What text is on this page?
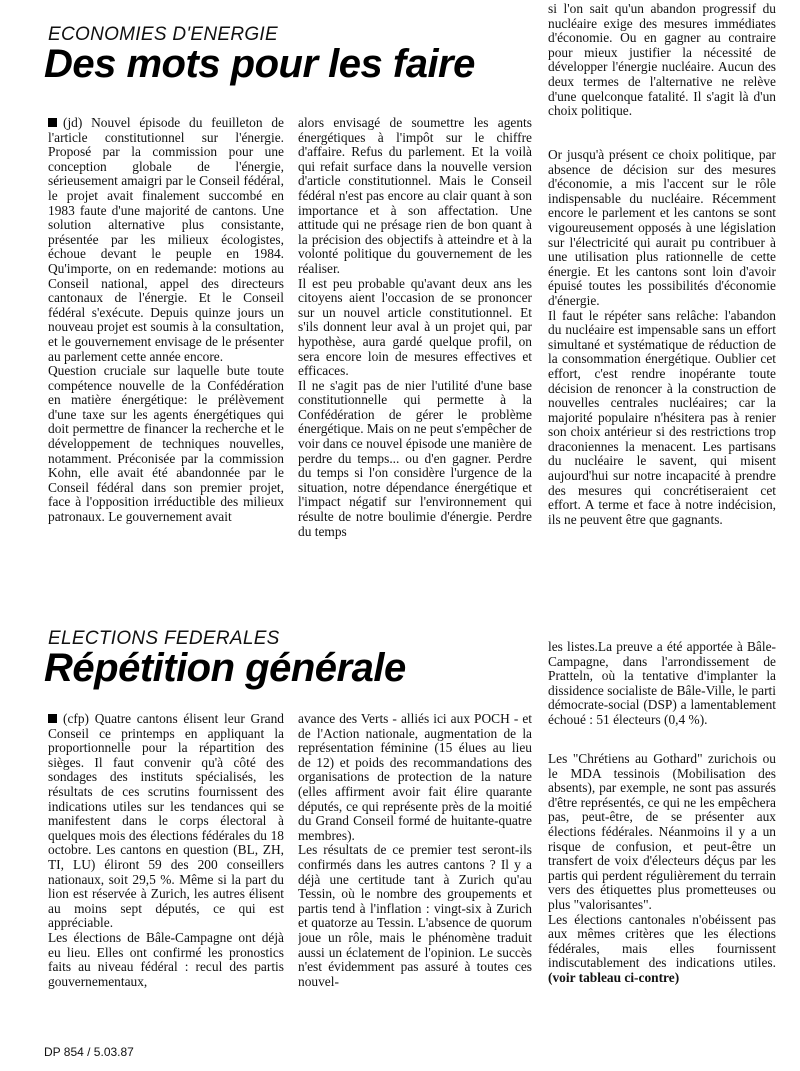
ECONOMIES D'ENERGIE
Des mots pour les faire

si l'on sait qu'un abandon progressif du nucléaire exige des mesures immédiates d'économie. Ou en gagner au contraire pour mieux justifier la nécessité de développer l'énergie nucléaire. Aucun des deux termes de l'alternative ne relève d'une quelconque fatalité. Il s'agit là d'un choix politique.

(jd) Nouvel épisode du feuilleton de l'article constitutionnel sur l'énergie. Proposé par la commission pour une conception globale de l'énergie, sérieusement amaigri par le Conseil fédéral, le projet avait finalement succombé en 1983 faute d'une majorité de cantons. Une solution alternative plus consistante, présentée par les milieux écologistes, échoue devant le peuple en 1984. Qu'importe, on en redemande: motions au Conseil national, appel des directeurs cantonaux de l'énergie. Et le Conseil fédéral s'exécute. Depuis quinze jours un nouveau projet est soumis à la consultation, et le gouvernement envisage de le présenter au parlement cette année encore.

Question cruciale sur laquelle bute toute compétence nouvelle de la Confédération en matière énergétique: le prélèvement d'une taxe sur les agents énergétiques qui doit permettre de financer la recherche et le développement de techniques nouvelles, notamment. Préconisée par la commission Kohn, elle avait été abandonnée par le Conseil fédéral dans son premier projet, face à l'opposition irréductible des milieux patronaux. Le gouvernement avait

alors envisagé de soumettre les agents énergétiques à l'impôt sur le chiffre d'affaire. Refus du parlement. Et la voilà qui refait surface dans la nouvelle version d'article constitutionnel. Mais le Conseil fédéral n'est pas encore au clair quant à son importance et à son affectation. Une attitude qui ne présage rien de bon quant à la précision des objectifs à atteindre et à la volonté politique du gouvernement de les réaliser.

Il est peu probable qu'avant deux ans les citoyens aient l'occasion de se prononcer sur un nouvel article constitutionnel. Et s'ils donnent leur aval à un projet qui, par hypothèse, aura gardé quelque profil, on sera encore loin de mesures effectives et efficaces.

Il ne s'agit pas de nier l'utilité d'une base constitutionnelle qui permette à la Confédération de gérer le problème énergétique. Mais on ne peut s'empêcher de voir dans ce nouvel épisode une manière de perdre du temps... ou d'en gagner. Perdre du temps si l'on considère l'urgence de la situation, notre dépendance énergétique et l'impact négatif sur l'environnement qui résulte de notre boulimie d'énergie. Perdre du temps

Or jusqu'à présent ce choix politique, par absence de décision sur des mesures d'économie, a mis l'accent sur le rôle indispensable du nucléaire. Récemment encore le parlement et les cantons se sont vigoureusement opposés à une législation sur l'électricité qui aurait pu contribuer à une utilisation plus rationnelle de cette énergie. Et les cantons sont loin d'avoir épuisé toutes les possibilités d'économie d'énergie.

Il faut le répéter sans relâche: l'abandon du nucléaire est impensable sans un effort simultané et systématique de réduction de la consommation énergétique. Oublier cet effort, c'est rendre inopérante toute décision de renoncer à la construction de nouvelles centrales nucléaires; car la majorité populaire n'hésitera pas à renier son choix antérieur si des restrictions trop draconiennes la menacent. Les partisans du nucléaire le savent, qui misent aujourd'hui sur notre incapacité à prendre des mesures qui concrétiseraient cet effort. A terme et face à notre indécision, ils ne peuvent être que gagnants.

ELECTIONS FEDERALES
Répétition générale	les listes.La preuve a été apportée à Bâle-Campagne, dans l'arrondissement de Pratteln, où la tentative d'implanter la dissidence socialiste de Bâle-Ville, le parti démocrate-social (DSP) a lamentablement échoué : 51 électeurs (0,4 %).

(cfp) Quatre cantons élisent leur Grand Conseil ce printemps en appliquant la proportionnelle pour la répartition des sièges. Il faut convenir qu'à côté des sondages des instituts spécialisés, les résultats de ces scrutins fournissent des indications utiles sur les tendances qui se manifestent dans le corps électoral à quelques mois des élections fédérales du 18 octobre. Les cantons en question (BL, ZH, TI, LU) éliront 59 des 200 conseillers nationaux, soit 29,5 %. Même si la part du lion est réservée à Zurich, les autres élisent au moins sept députés, ce qui est appréciable.

Les élections de Bâle-Campagne ont déjà eu lieu. Elles ont confirmé les pronostics faits au niveau fédéral : recul des partis gouvernementaux,

avance des Verts - alliés ici aux POCH - et de l'Action nationale, augmentation de la représentation féminine (15 élues au lieu de 12) et poids des recommandations des organisations de protection de la nature (elles affirment avoir fait élire quarante députés, ce qui représente près de la moitié du Grand Conseil formé de huitante-quatre membres).

Les résultats de ce premier test seront-ils confirmés dans les autres cantons ? Il y a déjà une certitude tant à Zurich qu'au Tessin, où le nombre des groupements et partis tend à l'inflation : vingt-six à Zurich et quatorze au Tessin. L'absence de quorum joue un rôle, mais le phénomène traduit aussi un éclatement de l'opinion. Le succès n'est évidemment pas assuré à toutes ces nouvel-

Les "Chrétiens au Gothard" zurichois ou le MDA tessinois (Mobilisation des absents), par exemple, ne sont pas assurés d'être représentés, ce qui ne les empêchera pas, peut-être, de se présenter aux élections fédérales. Néanmoins il y a un risque de confusion, et peut-être un transfert de voix d'électeurs déçus par les partis qui perdent régulièrement du terrain vers des étiquettes plus prometteuses ou plus "valorisantes".

Les élections cantonales n'obéissent pas aux mêmes critères que les élections fédérales, mais elles fournissent indiscutablement des indications utiles. (voir tableau ci-contre)

DP 854 / 5.03.87
